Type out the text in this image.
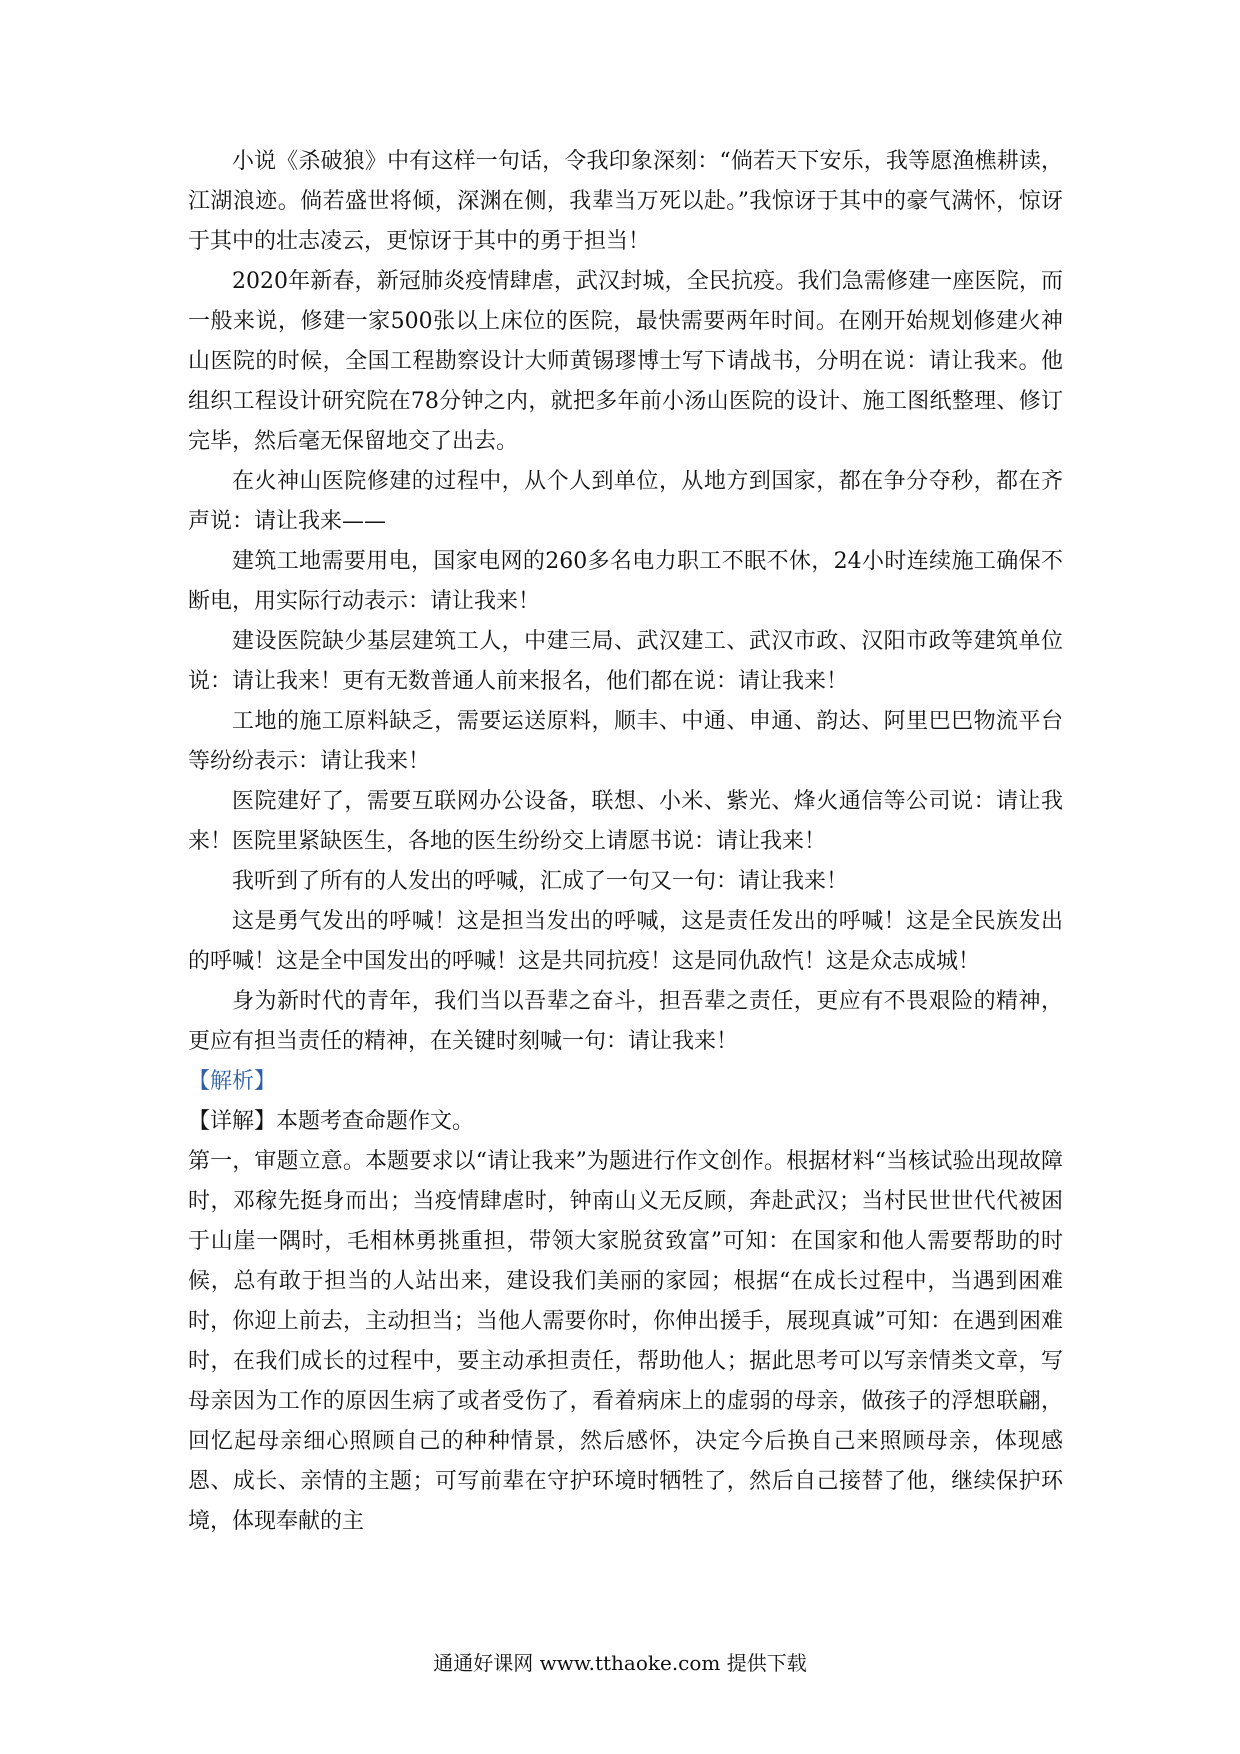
小说《杀破狼》中有这样一句话，令我印象深刻：“倘若天下安乐，我等愿渔樵耕读，江湖浪迹。倘若盛世将倾，深渊在侧，我辈当万死以赴。”我惊讶于其中的豪气满怀，惊讶于其中的壮志凌云，更惊讶于其中的勇于担当！

2020年新春，新冠肺炎疫情肆虐，武汉封城，全民抗疫。我们急需修建一座医院，而一般来说，修建一家500张以上床位的医院，最快需要两年时间。在刚开始规划修建火神山医院的时候，全国工程勘察设计大师黄锡璆博士写下请战书，分明在说：请让我来。他组织工程设计研究院在78分钟之内，就把多年前小汤山医院的设计、施工图纸整理、修订完毕，然后毫无保留地交了出去。

在火神山医院修建的过程中，从个人到单位，从地方到国家，都在争分夺秒，都在齐声说：请让我来——

建筑工地需要用电，国家电网的260多名电力职工不眠不休，24小时连续施工确保不断电，用实际行动表示：请让我来！

建设医院缺少基层建筑工人，中建三局、武汉建工、武汉市政、汉阳市政等建筑单位说：请让我来！更有无数普通人前来报名，他们都在说：请让我来！

工地的施工原料缺乏，需要运送原料，顺丰、中通、申通、韵达、阿里巴巴物流平台等纷纷表示：请让我来！

医院建好了，需要互联网办公设备，联想、小米、紫光、烽火通信等公司说：请让我来！医院里紧缺医生，各地的医生纷纷交上请愿书说：请让我来！

我听到了所有的人发出的呼喊，汇成了一句又一句：请让我来！

这是勇气发出的呼喊！这是担当发出的呼喊，这是责任发出的呼喊！这是全民族发出的呼喊！这是全中国发出的呼喊！这是共同抗疫！这是同仇敌忾！这是众志成城！

身为新时代的青年，我们当以吾辈之奋斗，担吾辈之责任，更应有不畏艰险的精神，更应有担当责任的精神，在关键时刻喊一句：请让我来！

【解析】
【详解】本题考查命题作文。

第一，审题立意。本题要求以“请让我来”为题进行作文创作。根据材料“当核试验出现故障时，邓稼先挺身而出；当疫情肆虐时，钟南山义无反顾，奔赴武汉；当村民世世代代被困于山崖一隅时，毛相林勇挑重担，带领大家脱贫致富”可知：在国家和他人需要帮助的时候，总有敢于担当的人站出来，建设我们美丽的家园；根据“在成长过程中，当遇到困难时，你迎上前去，主动担当；当他人需要你时，你伸出援手，展现真诚”可知：在遇到困难时，在我们成长的过程中，要主动承担责任，帮助他人；据此思考可以写亲情类文章，写母亲因为工作的原因生病了或者受伤了，看着病床上的虚弱的母亲，做孩子的浮想联翩，回忆起母亲细心照顾自己的种种情景，然后感怀，决定今后换自己来照顾母亲，体现感恩、成长、亲情的主题；可写前辈在守护环境时牺牲了，然后自己接替了他，继续保护环境，体现奉献的主

通通好课网 www.tthaoke.com 提供下载
